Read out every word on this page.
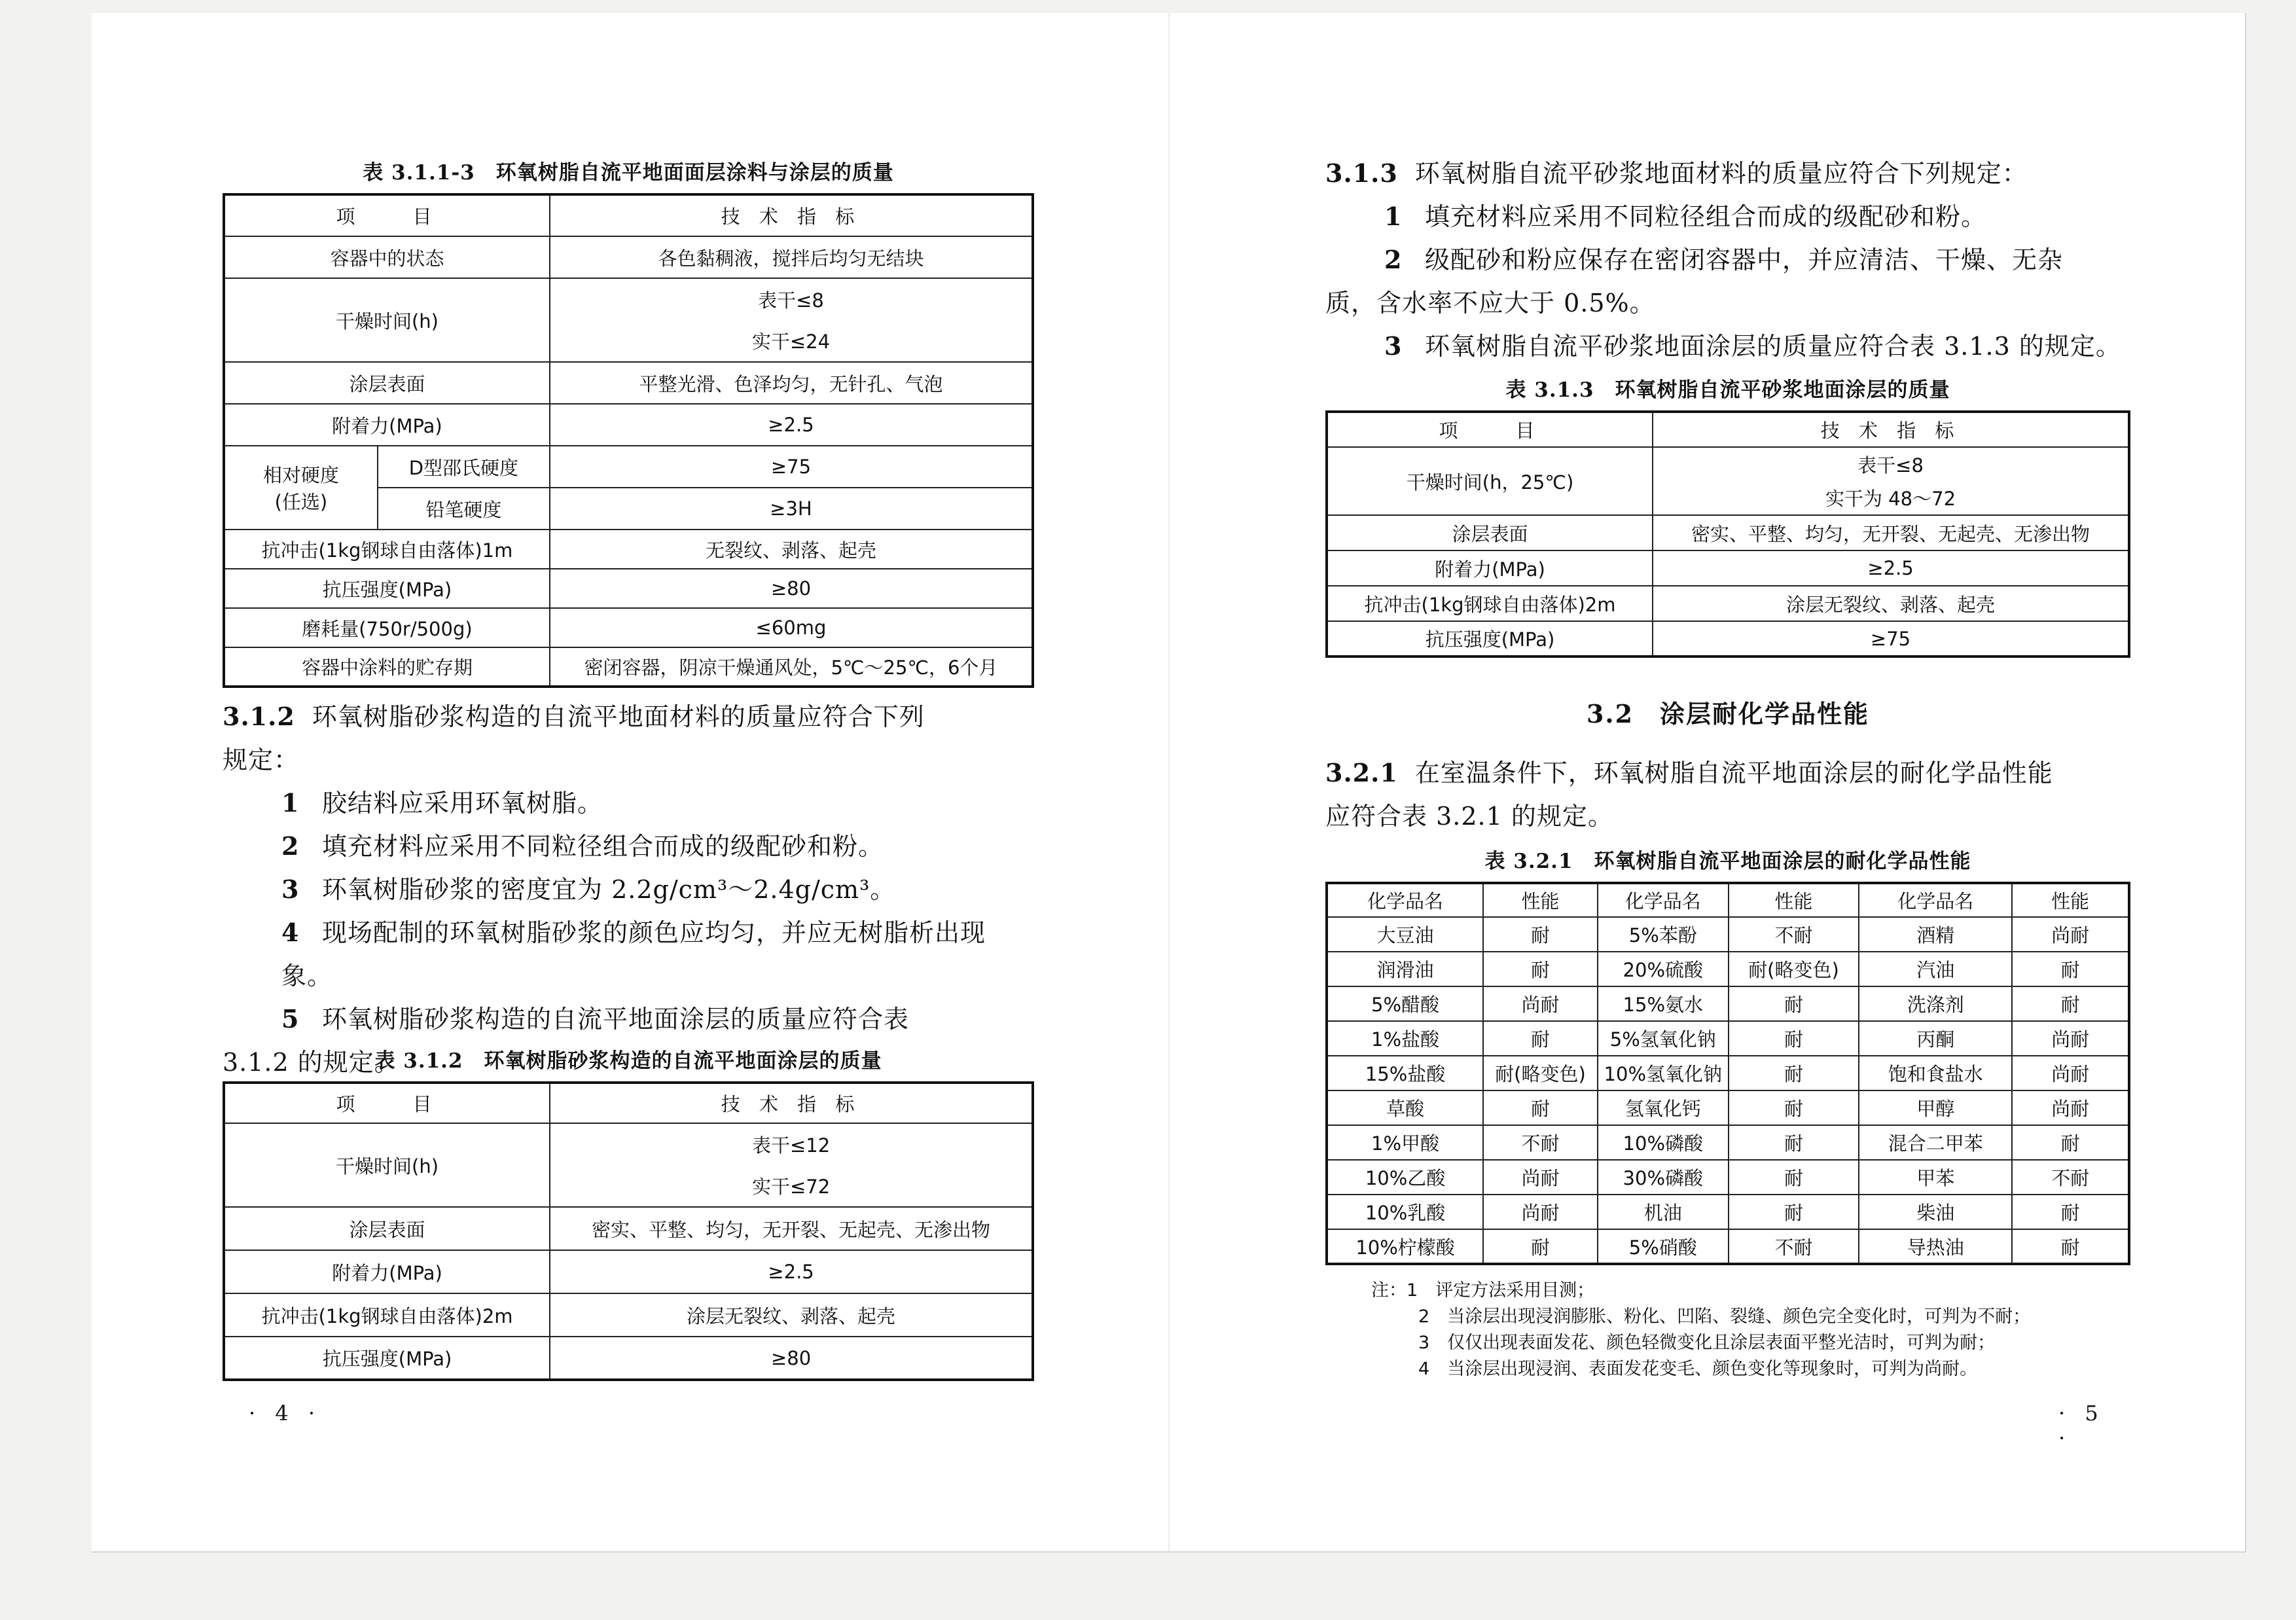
表 3.1.1-3　环氧树脂自流平地面面层涂料与涂层的质量
项　　目		技 术 指 标
容器中的状态		各色黏稠液，搅拌后均匀无结块
干燥时间(h)		表干≤8
		实干≤24
涂层表面		平整光滑、色泽均匀，无针孔、气泡
附着力(MPa)		≥2.5

相对硬度
(任选)	D型邵氏硬度	≥75
	铅笔硬度	≥3H
抗冲击(1kg钢球自由落体)1m		无裂纹、剥落、起壳
抗压强度(MPa)		≥80
磨耗量(750r/500g)		≤60mg
容器中涂料的贮存期		密闭容器，阴凉干燥通风处，5℃～25℃，6个月

3.1.2 环氧树脂砂浆构造的自流平地面材料的质量应符合下列

规定：

1 胶结料应采用环氧树脂。

2 填充材料应采用不同粒径组合而成的级配砂和粉。

3 环氧树脂砂浆的密度宜为 2.2g/cm³～2.4g/cm³。

4 现场配制的环氧树脂砂浆的颜色应均匀，并应无树脂析出现象。

5 环氧树脂砂浆构造的自流平地面涂层的质量应符合表

3.1.2 的规定。

表 3.1.2　环氧树脂砂浆构造的自流平地面涂层的质量
项　　目	技 术 指 标
干燥时间(h)	表干≤12
	实干≤72
涂层表面	密实、平整、均匀，无开裂、无起壳、无渗出物
附着力(MPa)	≥2.5
抗冲击(1kg钢球自由落体)2m	涂层无裂纹、剥落、起壳
抗压强度(MPa)	≥80
· 4 ·

3.1.3 环氧树脂自流平砂浆地面材料的质量应符合下列规定：

1 填充材料应采用不同粒径组合而成的级配砂和粉。

2 级配砂和粉应保存在密闭容器中，并应清洁、干燥、无杂

质，含水率不应大于 0.5%。

3 环氧树脂自流平砂浆地面涂层的质量应符合表 3.1.3 的规定。

表 3.1.3　环氧树脂自流平砂浆地面涂层的质量
项　　目	技 术 指 标
干燥时间(h，25℃)	表干≤8
	实干为 48～72
涂层表面	密实、平整、均匀，无开裂、无起壳、无渗出物
附着力(MPa)	≥2.5
抗冲击(1kg钢球自由落体)2m	涂层无裂纹、剥落、起壳
抗压强度(MPa)	≥75
3.2　涂层耐化学品性能

3.2.1 在室温条件下，环氧树脂自流平地面涂层的耐化学品性能

应符合表 3.2.1 的规定。

表 3.2.1　环氧树脂自流平地面涂层的耐化学品性能
化学品名	性能	化学品名	性能	化学品名	性能
大豆油	耐	5%苯酚	不耐	酒精	尚耐
润滑油	耐	20%硫酸	耐(略变色)	汽油	耐
5%醋酸	尚耐	15%氨水	耐	洗涤剂	耐
1%盐酸	耐	5%氢氧化钠	耐	丙酮	尚耐
15%盐酸	耐(略变色)	10%氢氧化钠	耐	饱和食盐水	尚耐
草酸	耐	氢氧化钙	耐	甲醇	尚耐
1%甲酸	不耐	10%磷酸	耐	混合二甲苯	耐
10%乙酸	尚耐	30%磷酸	耐	甲苯	不耐
10%乳酸	尚耐	机油	耐	柴油	耐
10%柠檬酸	耐	5%硝酸	不耐	导热油	耐
注：1　评定方法采用目测；
2　当涂层出现浸润膨胀、粉化、凹陷、裂缝、颜色完全变化时，可判为不耐；
3　仅仅出现表面发花、颜色轻微变化且涂层表面平整光洁时，可判为耐；
4　当涂层出现浸润、表面发花变毛、颜色变化等现象时，可判为尚耐。
· 5 ·
